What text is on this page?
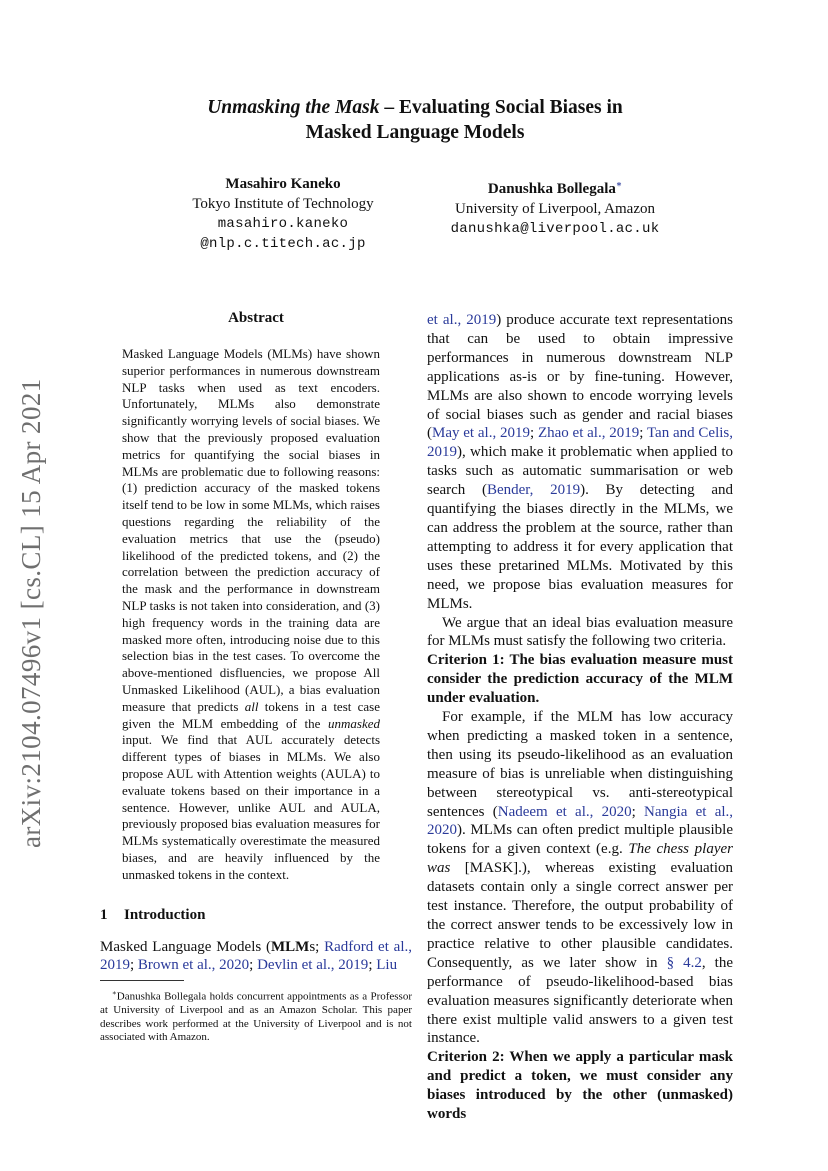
Unmasking the Mask – Evaluating Social Biases in
Masked Language Models
Masahiro Kaneko
Tokyo Institute of Technology
masahiro.kaneko
@nlp.c.titech.ac.jp
Danushka Bollegala∗
University of Liverpool, Amazon
danushka@liverpool.ac.uk
arXiv:2104.07496v1 [cs.CL] 15 Apr 2021
Abstract
Masked Language Models (MLMs) have shown superior performances in numerous downstream NLP tasks when used as text encoders. Unfortunately, MLMs also demonstrate significantly worrying levels of social biases. We show that the previously proposed evaluation metrics for quantifying the social biases in MLMs are problematic due to following reasons: (1) prediction accuracy of the masked tokens itself tend to be low in some MLMs, which raises questions regarding the reliability of the evaluation metrics that use the (pseudo) likelihood of the predicted tokens, and (2) the correlation between the prediction accuracy of the mask and the performance in downstream NLP tasks is not taken into consideration, and (3) high frequency words in the training data are masked more often, introducing noise due to this selection bias in the test cases. To overcome the above-mentioned disfluencies, we propose All Unmasked Likelihood (AUL), a bias evaluation measure that predicts all tokens in a test case given the MLM embedding of the unmasked input. We find that AUL accurately detects different types of biases in MLMs. We also propose AUL with Attention weights (AULA) to evaluate tokens based on their importance in a sentence. However, unlike AUL and AULA, previously proposed bias evaluation measures for MLMs systematically overestimate the measured biases, and are heavily influenced by the unmasked tokens in the context.
1 Introduction
Masked Language Models (MLMs; Radford et al., 2019; Brown et al., 2020; Devlin et al., 2019; Liu
∗Danushka Bollegala holds concurrent appointments as a Professor at University of Liverpool and as an Amazon Scholar. This paper describes work performed at the University of Liverpool and is not associated with Amazon.

et al., 2019) produce accurate text representations that can be used to obtain impressive performances in numerous downstream NLP applications as-is or by fine-tuning. However, MLMs are also shown to encode worrying levels of social biases such as gender and racial biases (May et al., 2019; Zhao et al., 2019; Tan and Celis, 2019), which make it problematic when applied to tasks such as automatic summarisation or web search (Bender, 2019). By detecting and quantifying the biases directly in the MLMs, we can address the problem at the source, rather than attempting to address it for every application that uses these pretarined MLMs. Motivated by this need, we propose bias evaluation measures for MLMs.

We argue that an ideal bias evaluation measure for MLMs must satisfy the following two criteria.

Criterion 1: The bias evaluation measure must consider the prediction accuracy of the MLM under evaluation.

For example, if the MLM has low accuracy when predicting a masked token in a sentence, then using its pseudo-likelihood as an evaluation measure of bias is unreliable when distinguishing between stereotypical vs. anti-stereotypical sentences (Nadeem et al., 2020; Nangia et al., 2020). MLMs can often predict multiple plausible tokens for a given context (e.g. The chess player was [MASK].), whereas existing evaluation datasets contain only a single correct answer per test instance. Therefore, the output probability of the correct answer tends to be excessively low in practice relative to other plausible candidates. Consequently, as we later show in § 4.2, the performance of pseudo-likelihood-based bias evaluation measures significantly deteriorate when there exist multiple valid answers to a given test instance.

Criterion 2: When we apply a particular mask and predict a token, we must consider any biases introduced by the other (unmasked) words
